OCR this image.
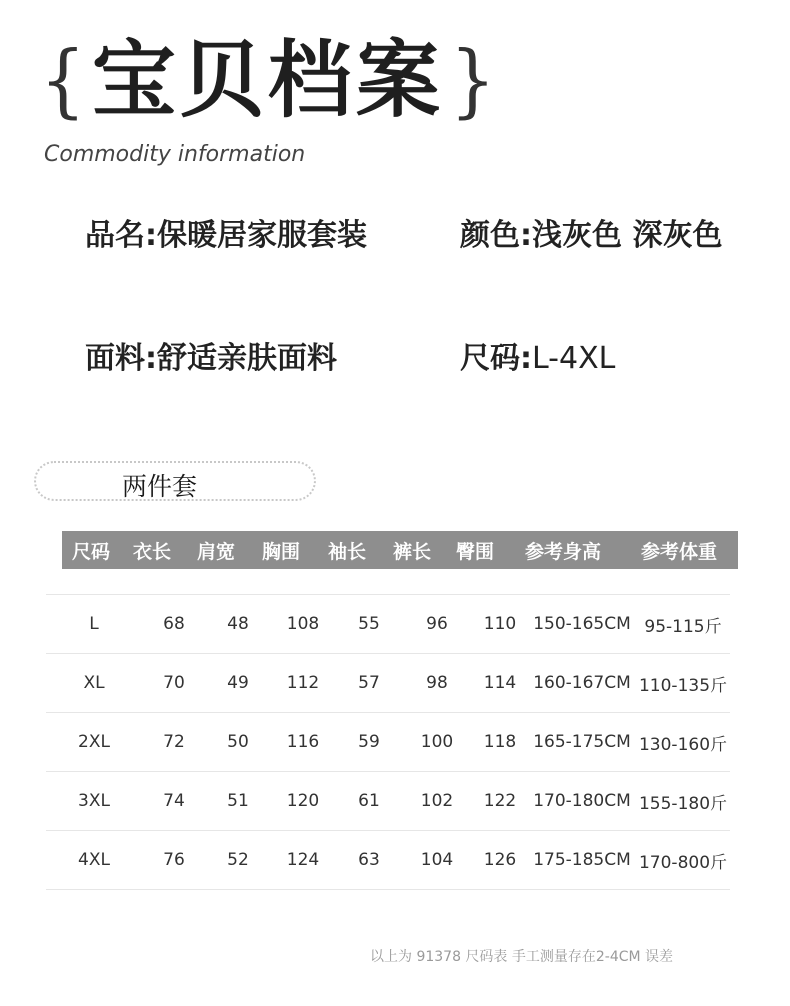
{ 宝贝档案 }
Commodity information
品名:保暖居家服套装	颜色:浅灰色 深灰色
面料:舒适亲肤面料	尺码:L-4XL
两件套
尺码	衣长	肩宽	胸围	袖长	裤长	臀围	参考身高	参考体重
L	68	48	108	55	96	110 150-165CM 95-115斤
XL	70	49	112	57	98	114 160-167CM 110-135斤
2XL	72	50	116	59	100	118 165-175CM 130-160斤
3XL	74	51	120	61	102	122 170-180CM 155-180斤
4XL	76	52	124	63	104	126 175-185CM 170-800斤
以上为 91378 尺码表 手工测量存在2-4CM 误差
